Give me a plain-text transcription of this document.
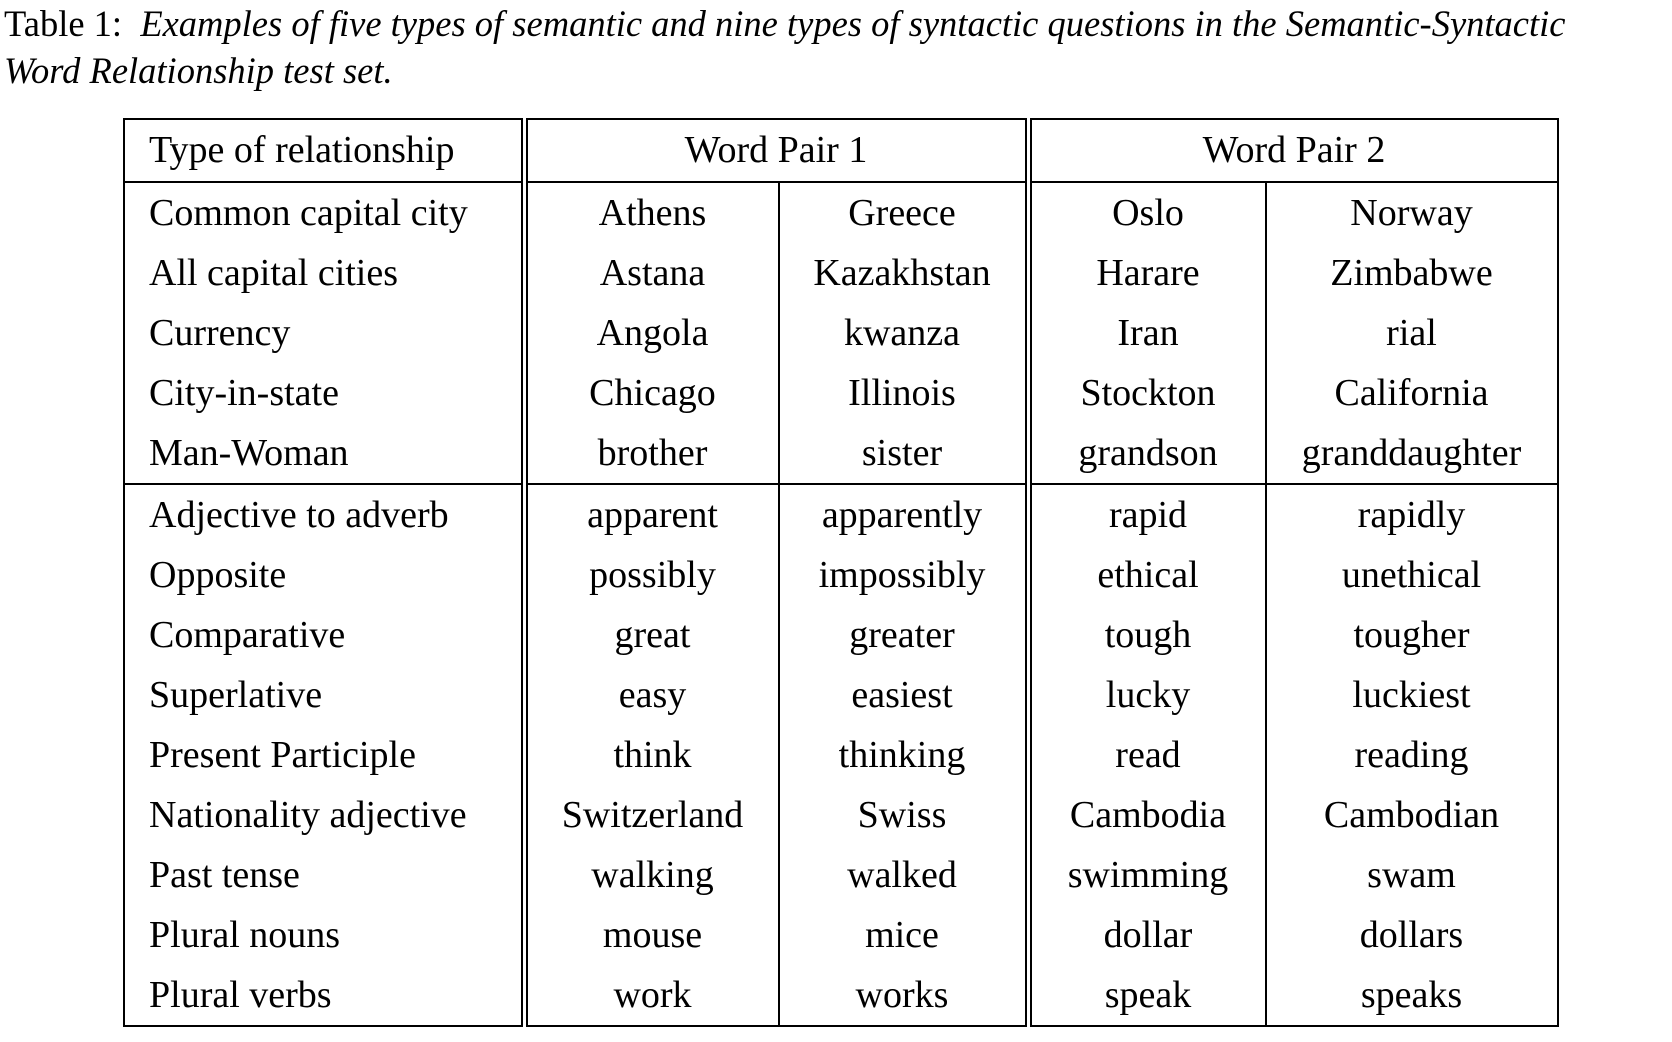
Table 1: Examples of five types of semantic and nine types of syntactic questions in the Semantic-Syntactic Word Relationship test set.
Type of relationship	Word Pair 1		Word Pair 2	
Common capital city	Athens	Greece	Oslo	Norway
All capital cities	Astana	Kazakhstan	Harare	Zimbabwe
Currency	Angola	kwanza	Iran	rial
City-in-state	Chicago	Illinois	Stockton	California
Man-Woman	brother	sister	grandson	granddaughter
Adjective to adverb	apparent	apparently	rapid	rapidly
Opposite	possibly	impossibly	ethical	unethical
Comparative	great	greater	tough	tougher
Superlative	easy	easiest	lucky	luckiest
Present Participle	think	thinking	read	reading
Nationality adjective	Switzerland	Swiss	Cambodia	Cambodian
Past tense	walking	walked	swimming	swam
Plural nouns	mouse	mice	dollar	dollars
Plural verbs	work	works	speak	speaks
